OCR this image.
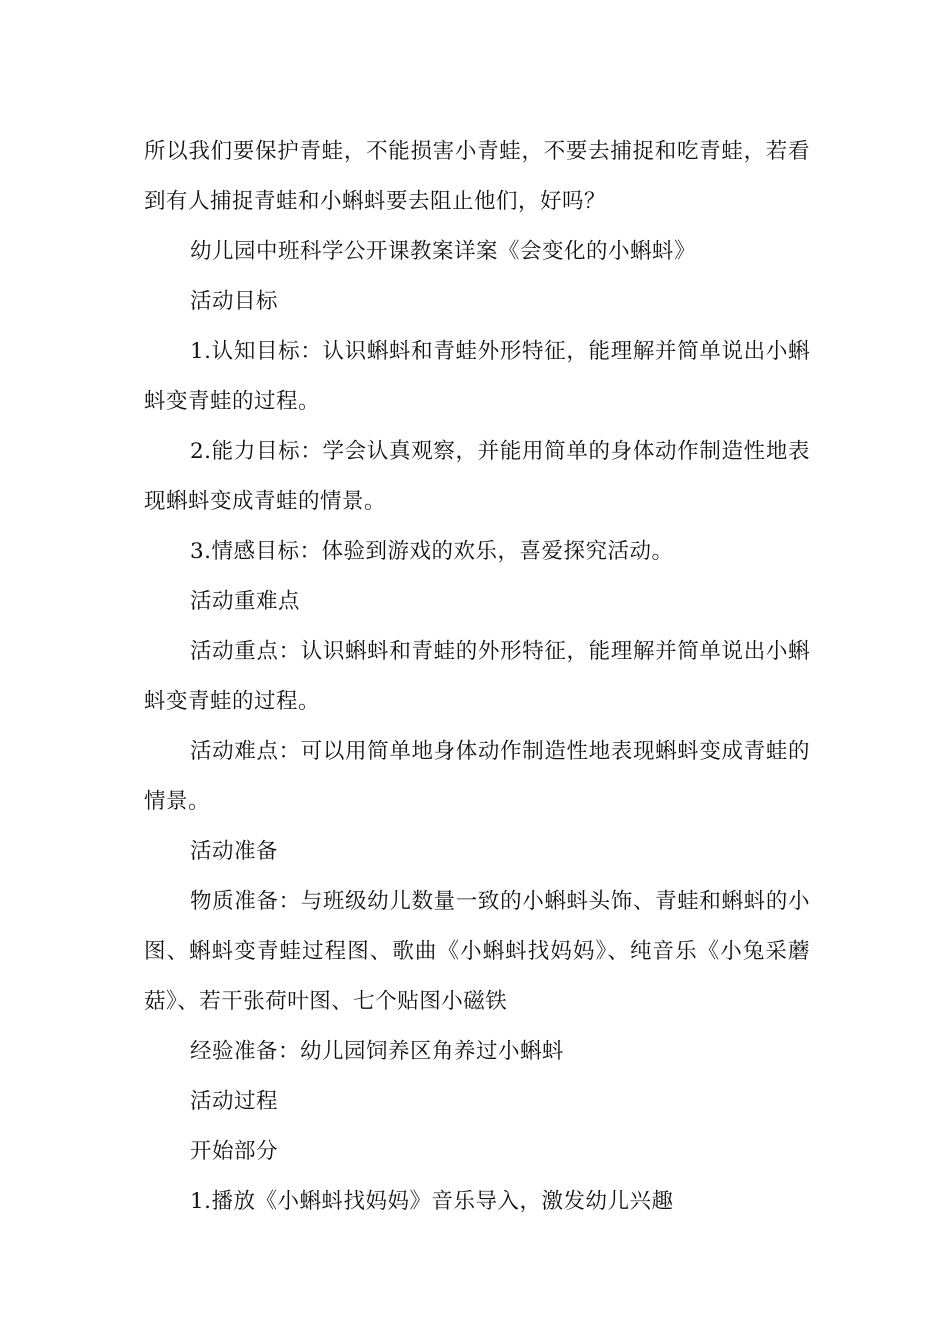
所以我们要保护青蛙，不能损害小青蛙，不要去捕捉和吃青蛙，若看到有人捕捉青蛙和小蝌蚪要去阻止他们，好吗？

幼儿园中班科学公开课教案详案《会变化的小蝌蚪》

活动目标

1.认知目标：认识蝌蚪和青蛙外形特征，能理解并简单说出小蝌蚪变青蛙的过程。

2.能力目标：学会认真观察，并能用简单的身体动作制造性地表现蝌蚪变成青蛙的情景。

3.情感目标：体验到游戏的欢乐，喜爱探究活动。

活动重难点

活动重点：认识蝌蚪和青蛙的外形特征，能理解并简单说出小蝌蚪变青蛙的过程。

活动难点：可以用简单地身体动作制造性地表现蝌蚪变成青蛙的情景。

活动准备

物质准备：与班级幼儿数量一致的小蝌蚪头饰、青蛙和蝌蚪的小图、蝌蚪变青蛙过程图、歌曲《小蝌蚪找妈妈》、纯音乐《小兔采蘑菇》、若干张荷叶图、七个贴图小磁铁

经验准备：幼儿园饲养区角养过小蝌蚪

活动过程

开始部分

1.播放《小蝌蚪找妈妈》音乐导入，激发幼儿兴趣
